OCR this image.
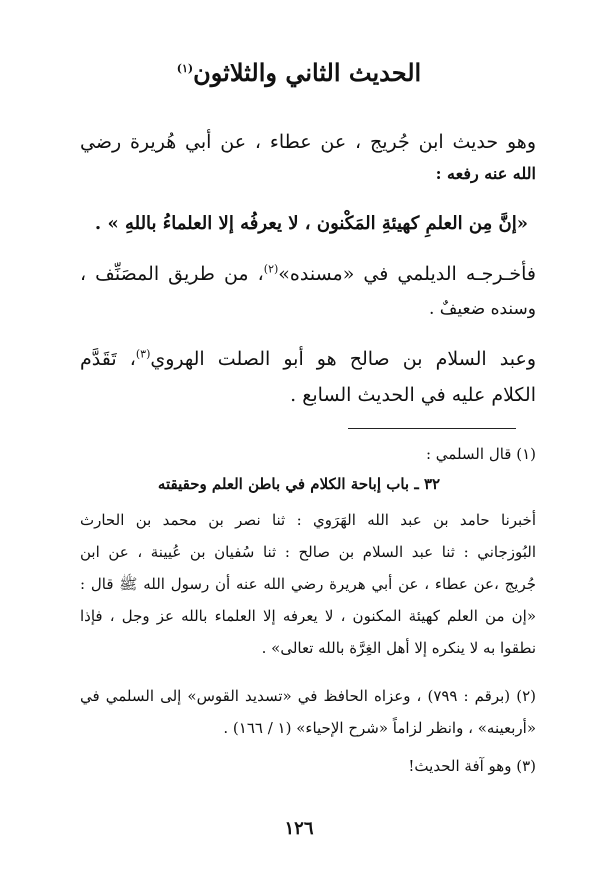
الحديث الثاني والثلاثون$^{(١)}$
وهو حديث ابن جُريج ، عن عطاء ، عن أبي هُريرة رضي
الله عنه رفعه :
«إنَّ مِن العلمِ كهيئةِ المَكْنون ، لا يعرفُه إلا العلماءُ باللهِ » .
فأخـرجـه الديلمي في «مسنده»$^{(٢)}$، من طريق المصَنِّف ،
وسنده ضعيفٌ .
وعبد السلام بن صالح هو أبو الصلت الهروي$^{(٣)}$، تَقَدَّم
الكلام عليه في الحديث السابع .
(١) قال السلمي :
٣٢ ـ باب إباحة الكلام في باطن العلم وحقيقته
أخبرنا حامد بن عبد الله الهَرَوي : ثنا نصر بن محمد بن الحارث
البُوزجاني : ثنا عبد السلام بن صالح : ثنا سُفيان بن عُيينة ، عن ابن
جُريج ،عن عطاء ، عن أبي هريرة رضي الله عنه أن رسول الله ﷺ قال :
«إن من العلم كهيئة المكنون ، لا يعرفه إلا العلماء بالله عز وجل ، فإذا
نطقوا به لا ينكره إلا أهل الغِرَّة بالله تعالى» .
(٢) (برقم : ٧٩٩) ، وعزاه الحافظ في «تسديد القوس» إلى السلمي في
«أربعينه» ، وانظر لزاماً «شرح الإحياء» (١ / ١٦٦) .
(٣) وهو آفة الحديث!
١٢٦
